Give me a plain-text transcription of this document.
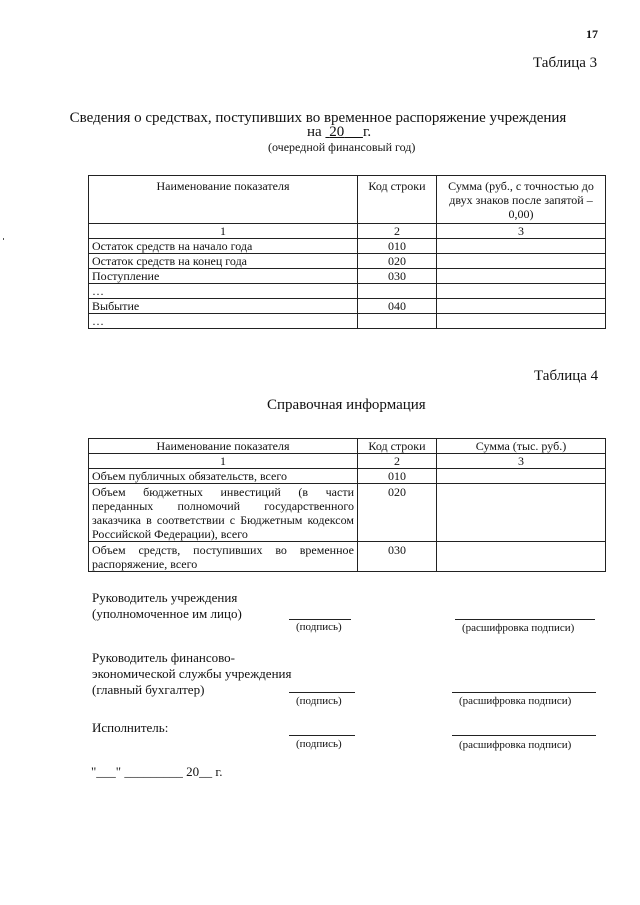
17
Таблица 3
Сведения о средствах, поступивших во временное распоряжение учреждения
на  20 г.
(очередной финансовый год)
Наименование показателя	Код строки	Сумма (руб., с точностью до двух знаков после запятой – 0,00)
1	2	3
Остаток средств на начало года	010	
Остаток средств на конец года	020	
Поступление	030	
…		
Выбытие	040	
…		
Таблица 4
Справочная информация
Наименование показателя	Код строки	Сумма (тыс. руб.)
1	2	3
Объем публичных обязательств, всего	010	
Объем бюджетных инвестиций (в части переданных полномочий государственного заказчика в соответствии с Бюджетным кодексом Российской Федерации), всего	020	
Объем средств, поступивших во временное распоряжение, всего	030	
Руководитель учреждения
(уполномоченное им лицо)
(подпись)	(расшифровка подписи)
Руководитель финансово-
экономической службы учреждения
(главный бухгалтер)
(подпись)	(расшифровка подписи)
Исполнитель:
(подпись)	(расшифровка подписи)
"___" _________ 20__ г.
